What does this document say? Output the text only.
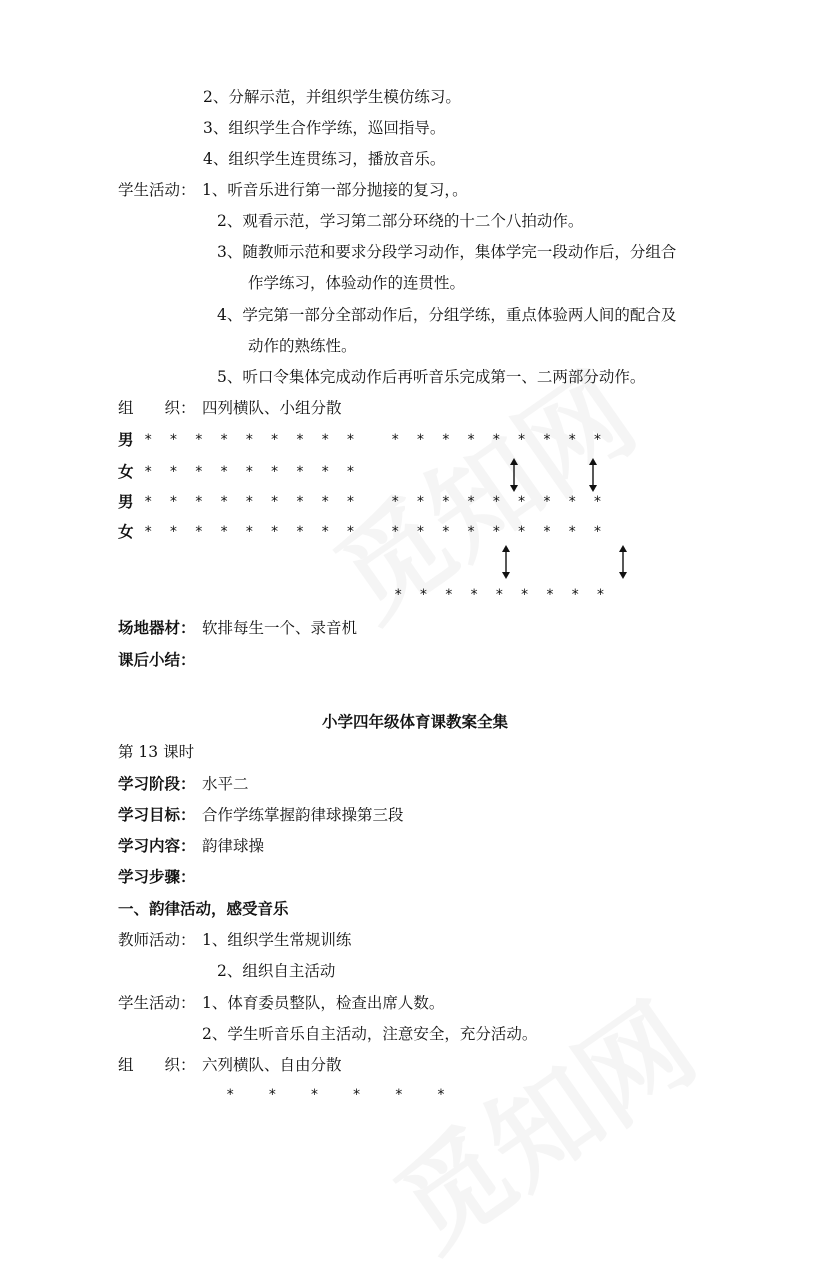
2、分解示范，并组织学生模仿练习。
3、组织学生合作学练，巡回指导。
4、组织学生连贯练习，播放音乐。
学生活动： 1、听音乐进行第一部分抛接的复习，。
2、观看示范，学习第二部分环绕的十二个八拍动作。
3、随教师示范和要求分段学习动作，集体学完一段动作后，分组合
作学练习，体验动作的连贯性。
4、学完第一部分全部动作后，分组学练，重点体验两人间的配合及
动作的熟练性。
5、听口令集体完成动作后再听音乐完成第一、二两部分动作。
组　　织： 四列横队、小组分散
男
女
男
女
*  *  *  *  *  *  *  *  *
*  *  *  *  *  *  *  *  *
*  *  *  *  *  *  *  *  *
*  *  *  *  *  *  *  *  *
*  *  *  *  *  *  *  *  *
*  *  *  *  *  *  *  *  *
*  *  *  *  *  *  *  *  *
*  *  *  *  *  *  *  *  *
场地器材： 软排每生一个、录音机
课后小结：
小学四年级体育课教案全集
第 13 课时
学习阶段： 水平二
学习目标： 合作学练掌握韵律球操第三段
学习内容： 韵律球操
学习步骤：
一、韵律活动，感受音乐
教师活动： 1、组织学生常规训练
2、组织自主活动
学生活动： 1、体育委员整队，检查出席人数。
2、学生听音乐自主活动，注意安全，充分活动。
组　　织： 六列横队、自由分散
*    *    *    *    *    *
